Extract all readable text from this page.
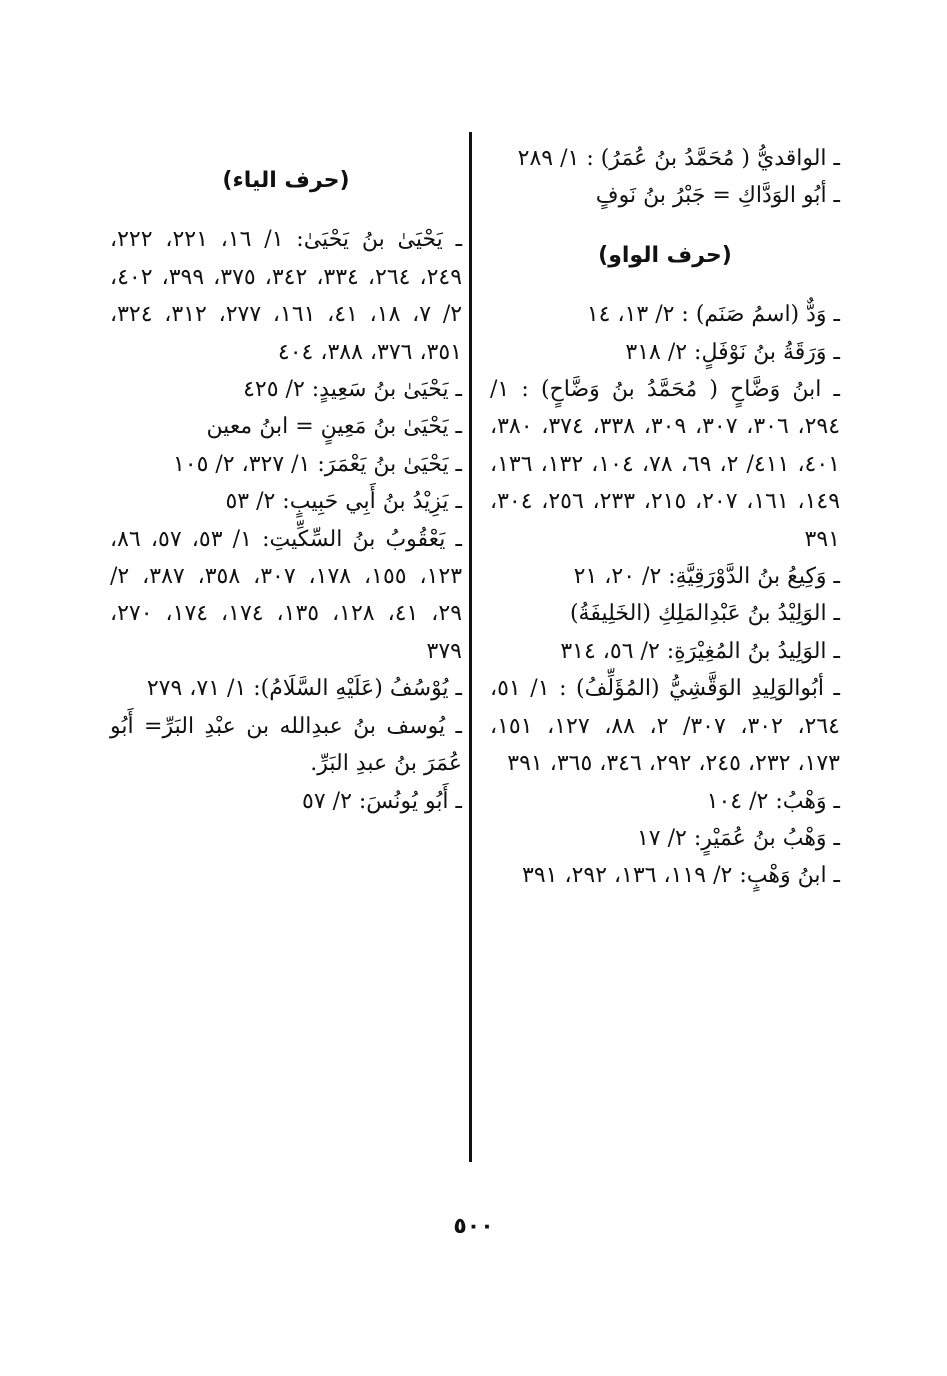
ـ الواقديُّ ( مُحَمَّدُ بنُ عُمَرُ) : ١/ ٢٨٩

ـ أبُو الوَدَّاكِ = جَبْرُ بنُ نَوفٍ

(حرف الواو)

ـ وَدٌّ (اسمُ صَنَم) : ٢/ ١٣، ١٤

ـ وَرَقَةُ بنُ نَوْفَلٍ: ٢/ ٣١٨

ـ ابنُ وَضَّاحٍ ( مُحَمَّدُ بنُ وَضَّاحٍ) : ١/ ٢٩٤، ٣٠٦، ٣٠٧، ٣٠٩، ٣٣٨، ٣٧٤، ٣٨٠، ٤٠١، ٤١١/ ٢، ٦٩، ٧٨، ١٠٤، ١٣٢، ١٣٦، ١٤٩، ١٦١، ٢٠٧، ٢١٥، ٢٣٣، ٢٥٦، ٣٠٤، ٣٩١

ـ وَكِيعُ بنُ الدَّوْرَقِيَّةِ: ٢/ ٢٠، ٢١

ـ الوَلِيْدُ بنُ عَبْدِالمَلِكِ (الخَلِيفَةُ)

ـ الوَلِيدُ بنُ المُغِيْرَةِ: ٢/ ٥٦، ٣١٤

ـ أبُوالوَلِيدِ الوَقَّشِيُّ (المُؤَلِّفُ) : ١/ ٥١، ٢٦٤، ٣٠٢، ٣٠٧/ ٢، ٨٨، ١٢٧، ١٥١، ١٧٣، ٢٣٢، ٢٤٥، ٢٩٢، ٣٤٦، ٣٦٥، ٣٩١

ـ وَهْبُ: ٢/ ١٠٤

ـ وَهْبُ بنُ عُمَيْرٍ: ٢/ ١٧

ـ ابنُ وَهْبٍ: ٢/ ١١٩، ١٣٦، ٢٩٢، ٣٩١

(حرف الياء)

ـ يَحْيَىٰ بنُ يَحْيَىٰ: ١/ ١٦، ٢٢١، ٢٢٢، ٢٤٩، ٢٦٤، ٣٣٤، ٣٤٢، ٣٧٥، ٣٩٩، ٤٠٢، ٢/ ٧، ١٨، ٤١، ١٦١، ٢٧٧، ٣١٢، ٣٢٤، ٣٥١، ٣٧٦، ٣٨٨، ٤٠٤

ـ يَحْيَىٰ بنُ سَعِيدٍ: ٢/ ٤٢٥

ـ يَحْيَىٰ بنُ مَعِينٍ = ابنُ معين

ـ يَحْيَىٰ بنُ يَعْمَرَ: ١/ ٣٢٧، ٢/ ١٠٥

ـ يَزِيْدُ بنُ أَبِي حَبِيبٍ: ٢/ ٥٣

ـ يَعْقُوبُ بنُ السِّكِّيتِ: ١/ ٥٣، ٥٧، ٨٦، ١٢٣، ١٥٥، ١٧٨، ٣٠٧، ٣٥٨، ٣٨٧، ٢/ ٢٩، ٤١، ١٢٨، ١٣٥، ١٧٤، ١٧٤، ٢٧٠، ٣٧٩

ـ يُوْسُفُ (عَلَيْهِ السَّلَامُ): ١/ ٧١، ٢٧٩

ـ يُوسف بنُ عبدِالله بن عبْدِ البَرِّ= أَبُو عُمَرَ بنُ عبدِ البَرِّ.

ـ أَبُو يُونُسَ: ٢/ ٥٧

٥٠٠
